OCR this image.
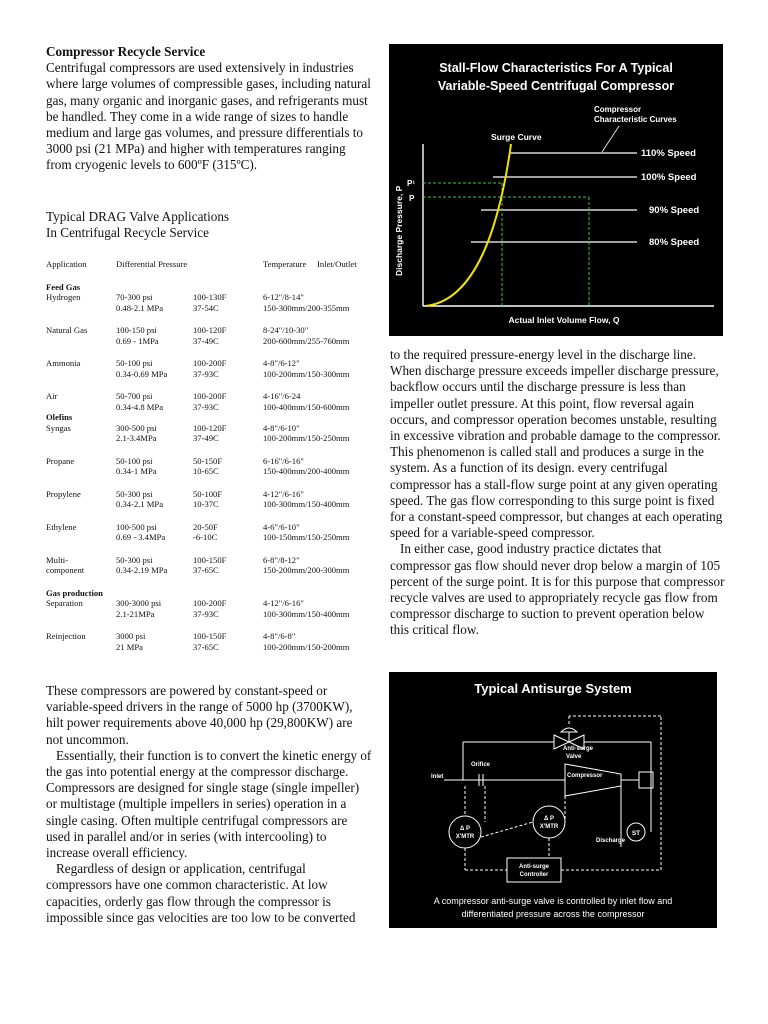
Compressor Recycle Service
Centrifugal compressors are used extensively in industries where large volumes of compressible gases, including natural gas, many organic and inorganic gases, and refrigerants must be handled. They come in a wide range of sizes to handle medium and large gas volumes, and pressure differentials to 3000 psi (21 MPa) and higher with temperatures ranging from cryogenic levels to 600ºF (315ºC).
Typical DRAG Valve Applications
In Centrifugal Recycle Service
Application	Differential Pressure	Temperature Inlet/Outlet
Feed Gas
Hydrogen	70-300 psi	100-130F	6-12"/8-14"
0.48-2.1 MPa	37-54C	150-300mm/200-355mm
Natural Gas	100-150 psi	100-120F	8-24"/10-30"
0.69 - 1MPa	37-49C	200-600mm/255-760mm
Ammonia	50-100 psi	100-200F	4-8"/6-12"
0.34-0.69 MPa	37-93C	100-200mm/150-300mm
Air	50-700 psi	100-200F	4-16"/6-24
0.34-4.8 MPa	37-93C	100-400mm/150-600mm
Olefins
Syngas	300-500 psi	100-120F	4-8"/6-10"
2.1-3.4MPa	37-49C	100-200mm/150-250mm
Propane	50-100 psi	50-150F	6-16"/6-16"
0.34-1 MPa	10-65C	150-400mm/200-400mm
Propylene	50-300 psi	50-100F	4-12"/6-16"
0.34-2.1 MPa	10-37C	100-300mm/150-400mm
Ethylene	100-500 psi	20-50F	4-6"/6-10"
0.69 - 3.4MPa	-6-10C	100-150mm/150-250mm
Multi-	50-300 psi	100-150F	6-8"/8-12"
component	0.34-2.19 MPa	37-65C	150-200mm/200-300mm
Gas production
Separation	300-3000 psi	100-200F	4-12"/6-16"
2.1-21MPa	37-93C	100-300mm/150-400mm
Reinjection	3000 psi	100-150F	4-8"/6-8"
21 MPa	37-65C	100-200mm/150-200mm
These compressors are powered by constant-speed or variable-speed drivers in the range of 5000 hp (3700KW), hilt power requirements above 40,000 hp (29,800KW) are not uncommon.
Essentially, their function is to convert the kinetic energy of the gas into potential energy at the compressor discharge. Compressors are designed for single stage (single impeller) or multistage (multiple impellers in series) operation in a single casing. Often multiple centrifugal compressors are used in parallel and/or in series (with intercooling) to increase overall efficiency.
Regardless of design or application, centrifugal compressors have one common characteristic. At low capacities, orderly gas flow through the compressor is impossible since gas velocities are too low to be converted
Stall-Flow Characteristics For A Typical
Variable-Speed Centrifugal Compressor
Compressor
Characteristic Curves
Surge Curve
110% Speed
100% Speed
90% Speed
80% Speed
P¹
P
Discharge Pressure, P
Actual Inlet Volume Flow, Q
to the required pressure-energy level in the discharge line. When discharge pressure exceeds impeller discharge pressure, backflow occurs until the discharge pressure is less than impeller outlet pressure. At this point, flow reversal again occurs, and compressor operation becomes unstable, resulting in excessive vibration and probable damage to the compressor. This phenomenon is called stall and produces a surge in the system. As a function of its design. every centrifugal compressor has a stall-flow surge point at any given operating speed. The gas flow corresponding to this surge point is fixed for a constant-speed compressor, but changes at each operating speed for a variable-speed compressor.
In either case, good industry practice dictates that compressor gas flow should never drop below a margin of 105 percent of the surge point. It is for this purpose that compressor recycle valves are used to appropriately recycle gas flow from compressor discharge to suction to prevent operation below this critical flow.
Typical Antisurge System
Anti-surge
Valve
Orifice
Inlet	Compressor
ST
Δ P
X'MTR
Δ P
X'MTR
Discharge
Anti-surge
Controller
A compressor anti-surge valve is controlled by inlet flow and
differentiated pressure across the compressor
